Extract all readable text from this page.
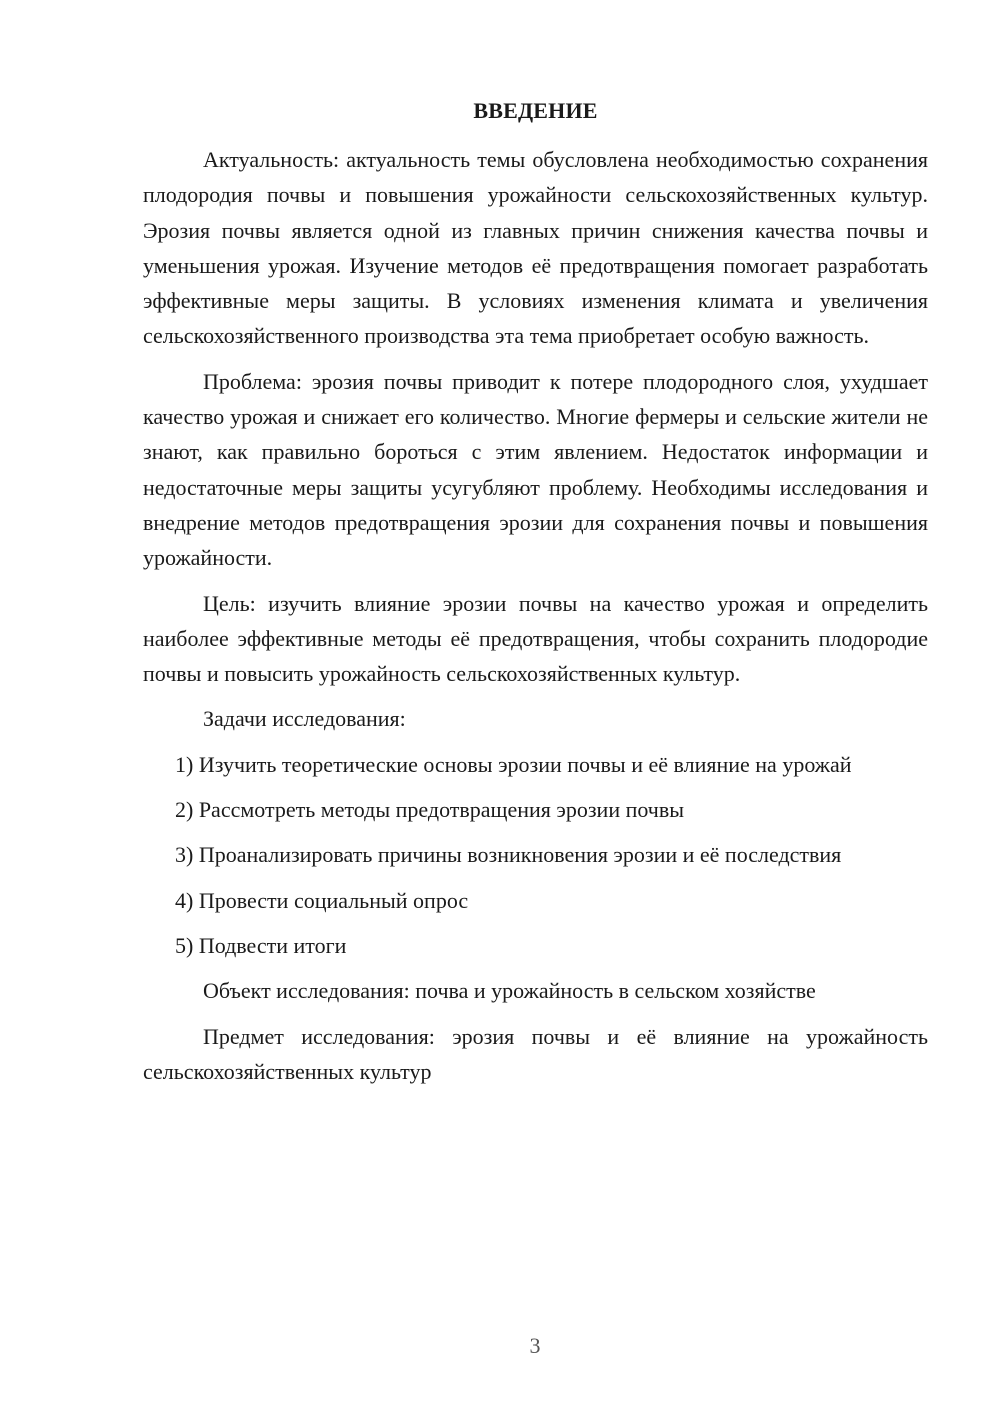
ВВЕДЕНИЕ

Актуальность: актуальность темы обусловлена необходимостью сохранения плодородия почвы и повышения урожайности сельскохозяйственных культур. Эрозия почвы является одной из главных причин снижения качества почвы и уменьшения урожая. Изучение методов её предотвращения помогает разработать эффективные меры защиты. В условиях изменения климата и увеличения сельскохозяйственного производства эта тема приобретает особую важность.

Проблема: эрозия почвы приводит к потере плодородного слоя, ухудшает качество урожая и снижает его количество. Многие фермеры и сельские жители не знают, как правильно бороться с этим явлением. Недостаток информации и недостаточные меры защиты усугубляют проблему. Необходимы исследования и внедрение методов предотвращения эрозии для сохранения почвы и повышения урожайности.

Цель: изучить влияние эрозии почвы на качество урожая и определить наиболее эффективные методы её предотвращения, чтобы сохранить плодородие почвы и повысить урожайность сельскохозяйственных культур.

Задачи исследования:

1) Изучить теоретические основы эрозии почвы и её влияние на урожай

2) Рассмотреть методы предотвращения эрозии почвы

3) Проанализировать причины возникновения эрозии и её последствия

4) Провести социальный опрос

5) Подвести итоги

Объект исследования: почва и урожайность в сельском хозяйстве

Предмет исследования: эрозия почвы и её влияние на урожайность сельскохозяйственных культур

3
